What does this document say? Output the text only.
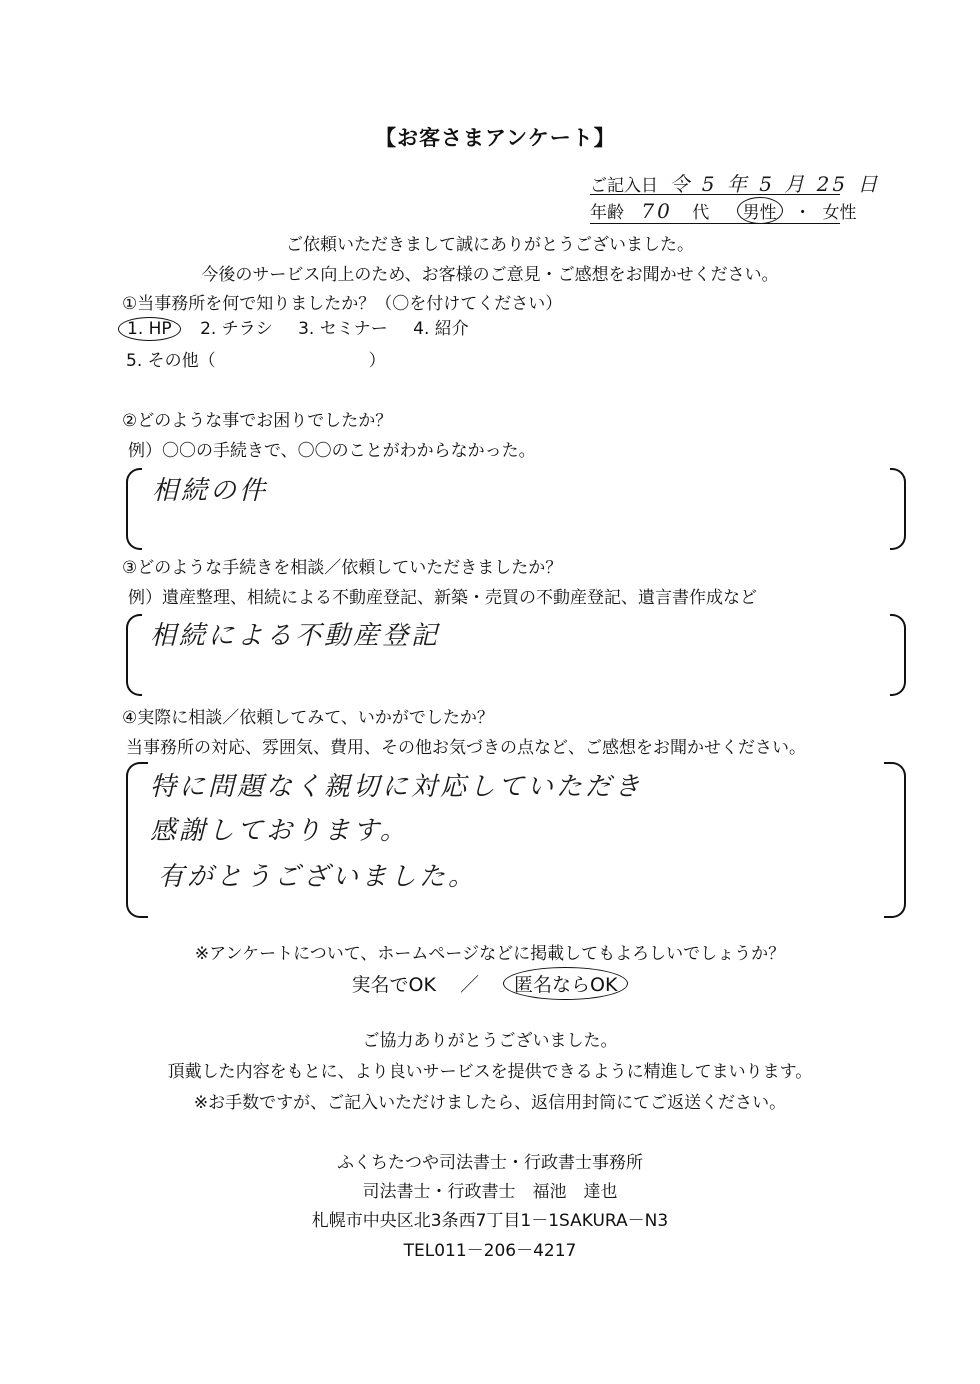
【お客さまアンケート】
ご記入日 令 5 年 5 月 25 日
年齢 70 代 男性 ・ 女性
ご依頼いただきまして誠にありがとうございました。
今後のサービス向上のため、お客様のご意見・ご感想をお聞かせください。
①当事務所を何で知りましたか？（〇を付けてください）
1. HP 2. チラシ 3. セミナー 4. 紹介
5. その他（　　　　　　　　　）
②どのような事でお困りでしたか？
例）〇〇の手続きで、〇〇のことがわからなかった。
相続の件
③どのような手続きを相談／依頼していただきましたか？
例）遺産整理、相続による不動産登記、新築・売買の不動産登記、遺言書作成など
相続による不動産登記
④実際に相談／依頼してみて、いかがでしたか？
当事務所の対応、雰囲気、費用、その他お気づきの点など、ご感想をお聞かせください。
特に問題なく親切に対応していただき
感謝しております。
有がとうございました。
※アンケートについて、ホームページなどに掲載してもよろしいでしょうか？
実名でOK ／ 匿名ならOK
ご協力ありがとうございました。
頂戴した内容をもとに、より良いサービスを提供できるように精進してまいります。
※お手数ですが、ご記入いただけましたら、返信用封筒にてご返送ください。
ふくちたつや司法書士・行政書士事務所
司法書士・行政書士　福池　達也
札幌市中央区北3条西7丁目1－1SAKURA－N3
TEL011－206－4217
